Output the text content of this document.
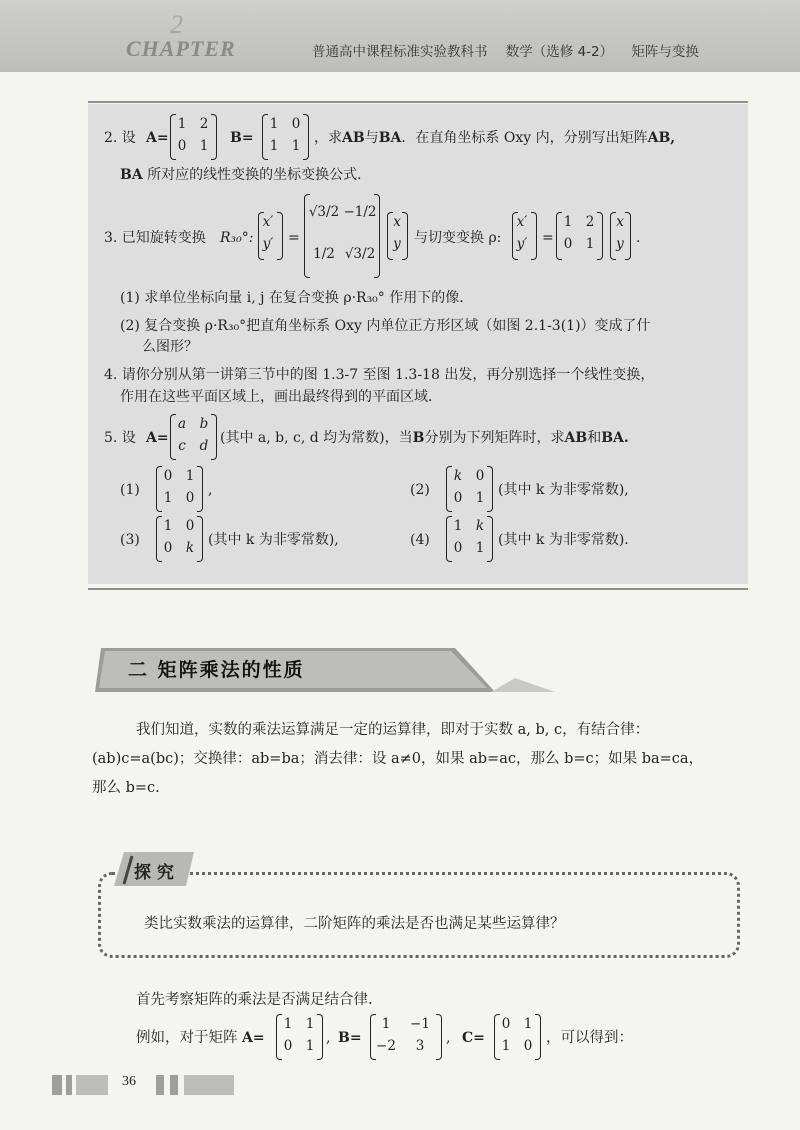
2
CHAPTER	普通高中课程标准实验教科书 数学（选修 4-2） 矩阵与变换
2. 设 A=
1 2
0 1	B=
1 0
1 1 ，求AB与BA．在直角坐标系 Oxy 内，分别写出矩阵AB,
BA 所对应的线性变换的坐标变换公式．
3. 已知旋转变换 R₃₀°:
x′
y′	=
√3/2 −1/2
1/2 √3/2
x
y 与切变变换 ρ:
x′
y′	=
1 2
0 1
x
y .
(1) 求单位坐标向量 i, j 在复合变换 ρ·R₃₀° 作用下的像．
(2) 复合变换 ρ·R₃₀°把直角坐标系 Oxy 内单位正方形区域（如图 2.1-3(1)）变成了什
么图形？
4. 请你分别从第一讲第三节中的图 1.3-7 至图 1.3-18 出发，再分别选择一个线性变换，
作用在这些平面区域上，画出最终得到的平面区域．
5. 设 A=
a	b
c	d (其中 a, b, c, d 均为常数)，当B分别为下列矩阵时，求AB和BA.
(1)
0 1
1 0 ,	(2)
k	0
0 1 (其中 k 为非零常数),
(3)
1 0
0	k (其中 k 为非零常数),	(4)
1	k
0 1 (其中 k 为非零常数).
二 矩阵乘法的性质
我们知道，实数的乘法运算满足一定的运算律，即对于实数 a, b, c，有结合律：
(ab)c=a(bc)；交换律：ab=ba；消去律：设 a≠0，如果 ab=ac，那么 b=c；如果 ba=ca，
那么 b=c.
探 究
类比实数乘法的运算律，二阶矩阵的乘法是否也满足某些运算律？
首先考察矩阵的乘法是否满足结合律.
例如，对于矩阵 A=
1 1
0 1 , B=
1	−1
−2	3	, C=
0 1
1 0 ，可以得到：
36
